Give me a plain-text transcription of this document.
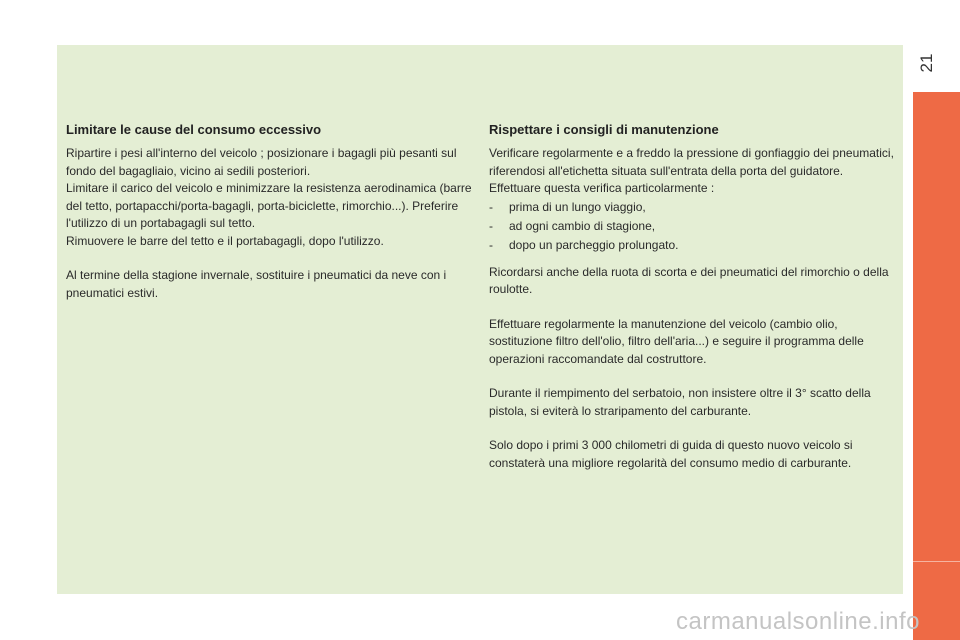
21
Limitare le cause del consumo eccessivo

Ripartire i pesi all'interno del veicolo ; posizionare i bagagli più pesanti sul fondo del bagagliaio, vicino ai sedili posteriori.

Limitare il carico del veicolo e minimizzare la resistenza aerodinamica (barre del tetto, portapacchi/porta-bagagli, porta-biciclette, rimorchio...). Preferire l'utilizzo di un portabagagli sul tetto.

Rimuovere le barre del tetto e il portabagagli, dopo l'utilizzo.

Al termine della stagione invernale, sostituire i pneumatici da neve con i pneumatici estivi.

Rispettare i consigli di manutenzione

Verificare regolarmente e a freddo la pressione di gonfiaggio dei pneumatici, riferendosi all'etichetta situata sull'entrata della porta del guidatore.

Effettuare questa verifica particolarmente :

-	prima di un lungo viaggio,
-	ad ogni cambio di stagione,
-	dopo un parcheggio prolungato.

Ricordarsi anche della ruota di scorta e dei pneumatici del rimorchio o della roulotte.

Effettuare regolarmente la manutenzione del veicolo (cambio olio, sostituzione filtro dell'olio, filtro dell'aria...) e seguire il programma delle operazioni raccomandate dal costruttore.

Durante il riempimento del serbatoio, non insistere oltre il 3° scatto della pistola, si eviterà lo straripamento del carburante.

Solo dopo i primi 3 000 chilometri di guida di questo nuovo veicolo si constaterà una migliore regolarità del consumo medio di carburante.

carmanualsonline.info
